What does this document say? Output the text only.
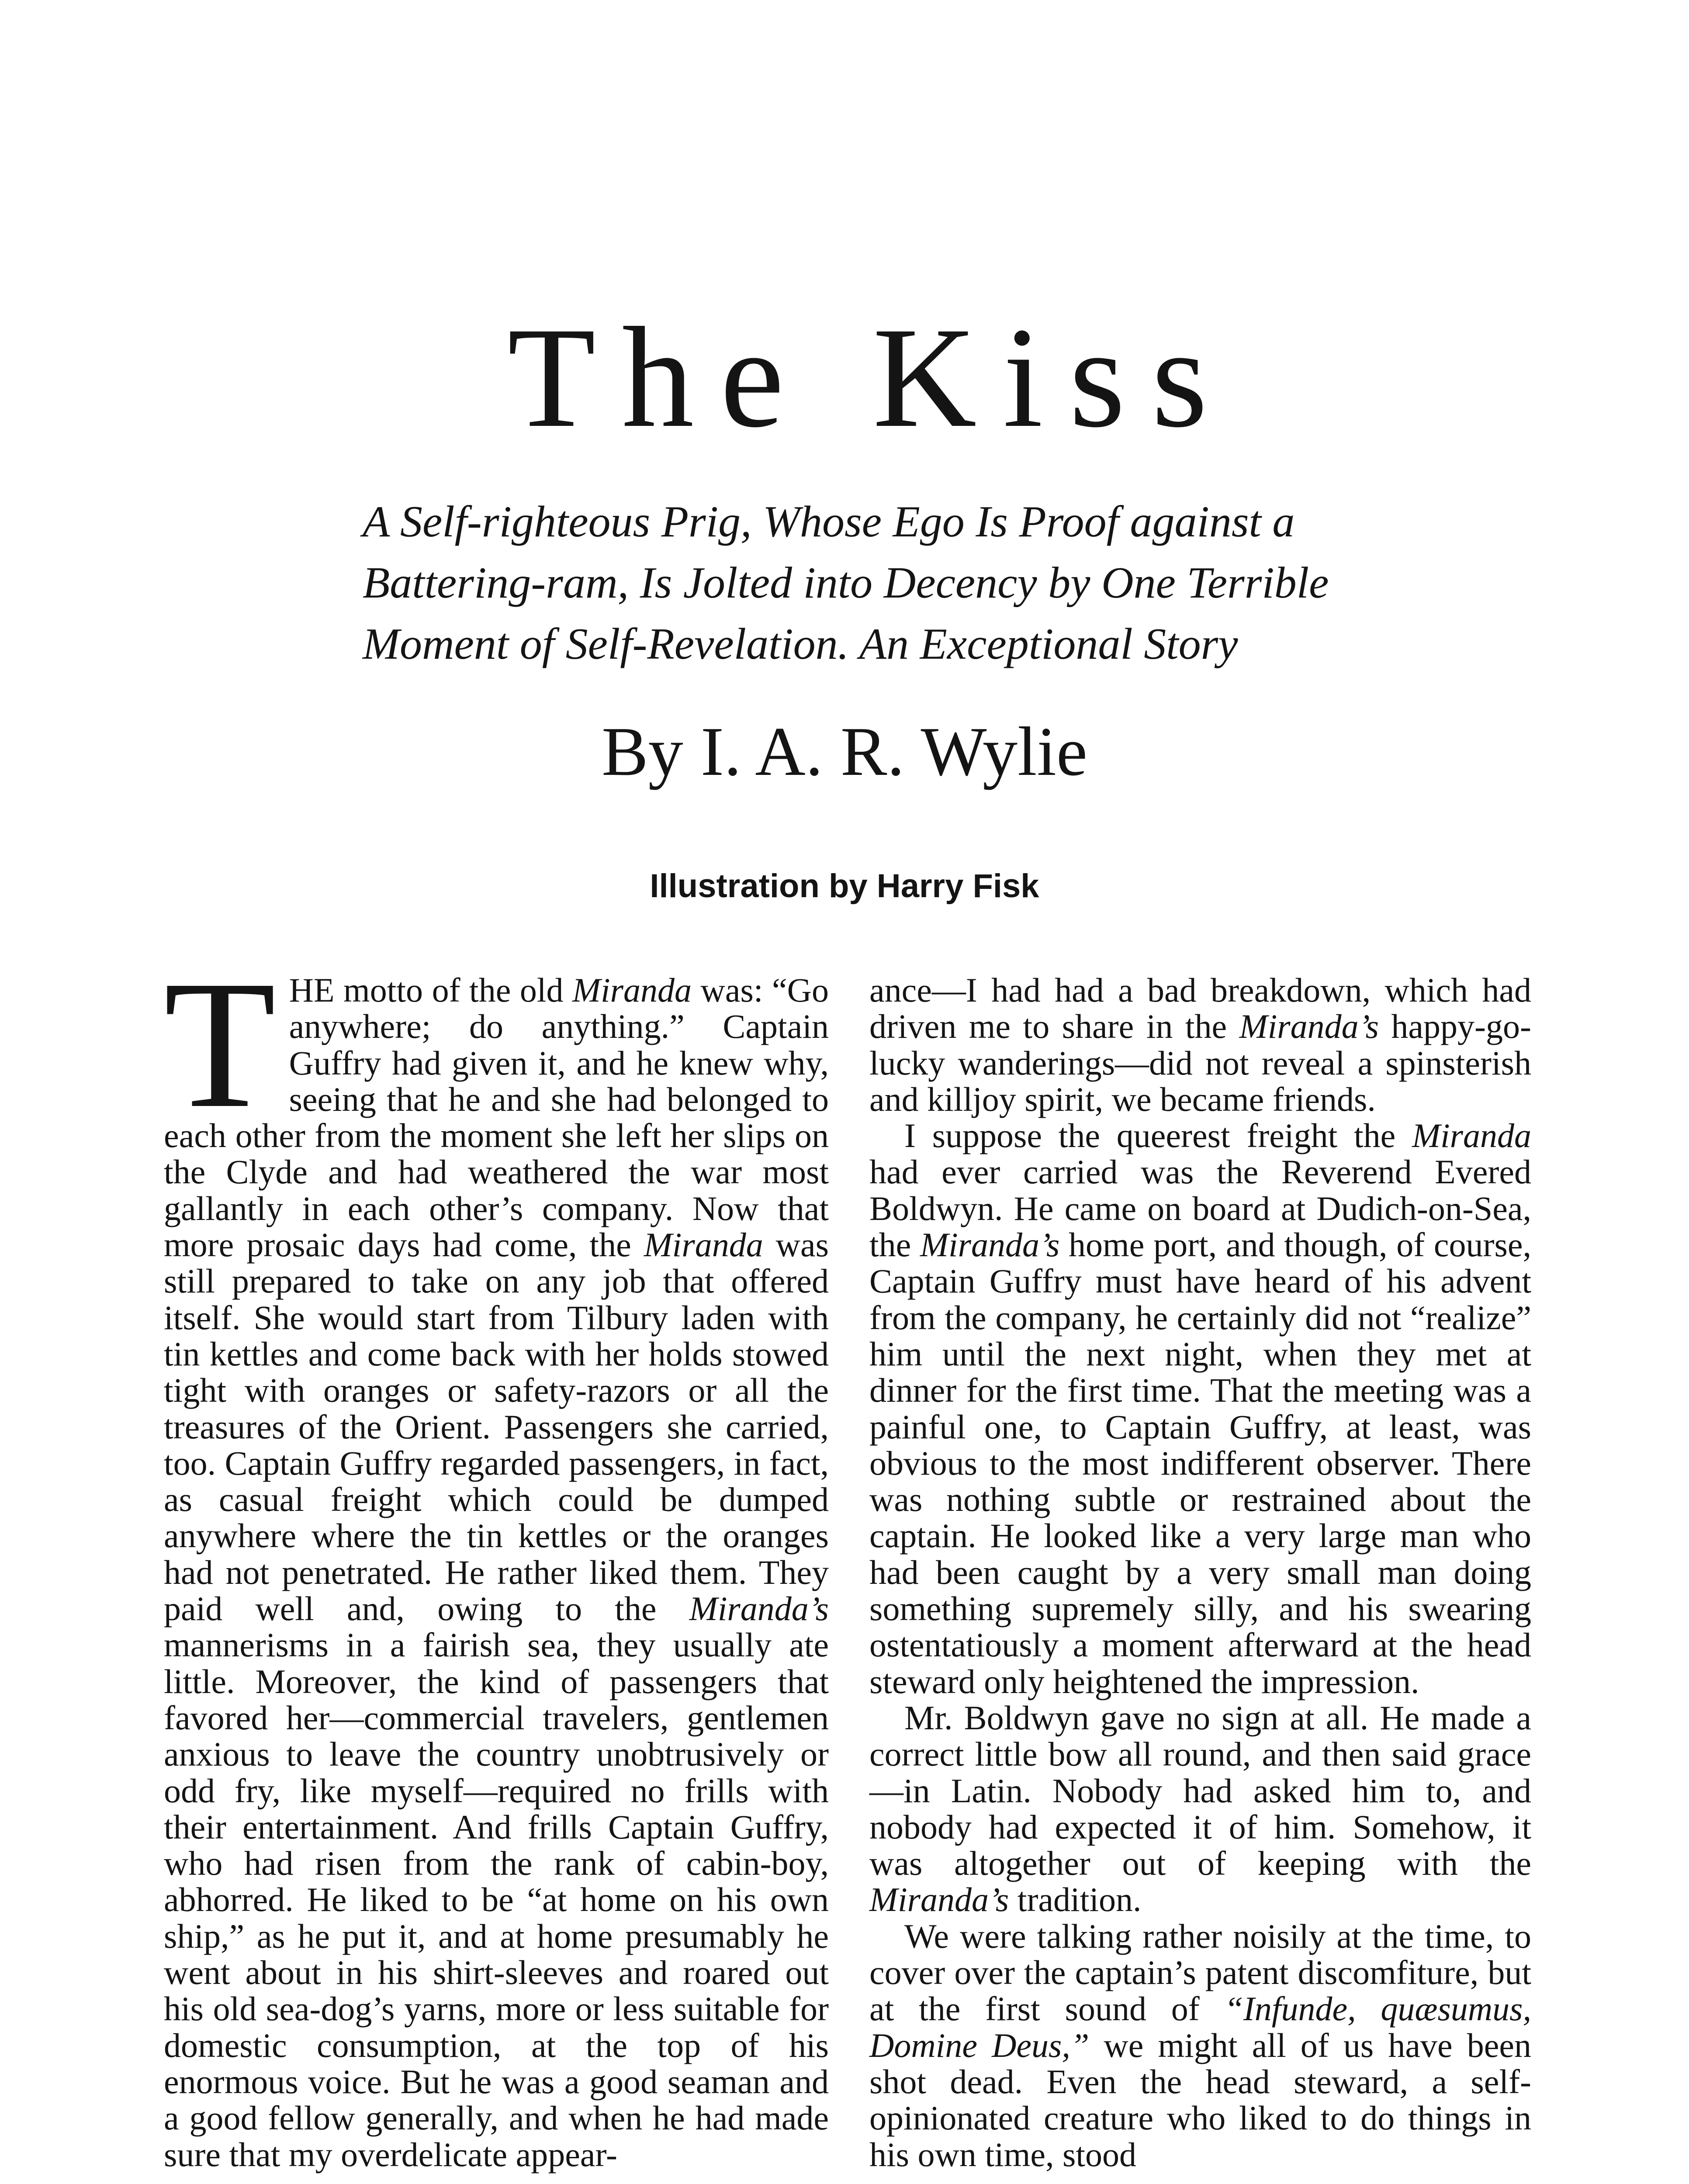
The Kiss

A Self-righteous Prig, Whose Ego Is Proof against a Battering-ram, Is Jolted into Decency by One Terrible Moment of Self-Revelation. An Exceptional Story

By I. A. R. Wylie

Illustration by Harry Fisk

THE motto of the old Miranda was: “Go anywhere; do anything.” Captain Guffry had given it, and he knew why, seeing that he and she had belonged to each other from the moment she left her slips on the Clyde and had weathered the war most gallantly in each other’s company. Now that more prosaic days had come, the Miranda was still prepared to take on any job that offered itself. She would start from Tilbury laden with tin kettles and come back with her holds stowed tight with oranges or safety-razors or all the treasures of the Orient. Passengers she carried, too. Captain Guffry regarded passengers, in fact, as casual freight which could be dumped anywhere where the tin kettles or the oranges had not penetrated. He rather liked them. They paid well and, owing to the Miranda’s mannerisms in a fairish sea, they usually ate little. Moreover, the kind of passengers that favored her—commercial travelers, gentlemen anxious to leave the country unobtrusively or odd fry, like myself—required no frills with their entertainment. And frills Captain Guffry, who had risen from the rank of cabin-boy, abhorred. He liked to be “at home on his own ship,” as he put it, and at home presumably he went about in his shirt-sleeves and roared out his old sea-dog’s yarns, more or less suitable for domestic consumption, at the top of his enormous voice. But he was a good seaman and a good fellow generally, and when he had made sure that my overdelicate appear-

ance—I had had a bad breakdown, which had driven me to share in the Miranda’s happy-go-lucky wanderings—did not reveal a spinsterish and killjoy spirit, we became friends.

I suppose the queerest freight the Miranda had ever carried was the Reverend Evered Boldwyn. He came on board at Dudich-on-Sea, the Miranda’s home port, and though, of course, Captain Guffry must have heard of his advent from the company, he certainly did not “realize” him until the next night, when they met at dinner for the first time. That the meeting was a painful one, to Captain Guffry, at least, was obvious to the most indifferent observer. There was nothing subtle or restrained about the captain. He looked like a very large man who had been caught by a very small man doing something supremely silly, and his swearing ostentatiously a moment afterward at the head steward only heightened the impression.

Mr. Boldwyn gave no sign at all. He made a correct little bow all round, and then said grace—in Latin. Nobody had asked him to, and nobody had expected it of him. Somehow, it was altogether out of keeping with the Miranda’s tradition.

We were talking rather noisily at the time, to cover over the captain’s patent discomfiture, but at the first sound of “Infunde, quæsumus, Domine Deus,” we might all of us have been shot dead. Even the head steward, a self-opinionated creature who liked to do things in his own time, stood
